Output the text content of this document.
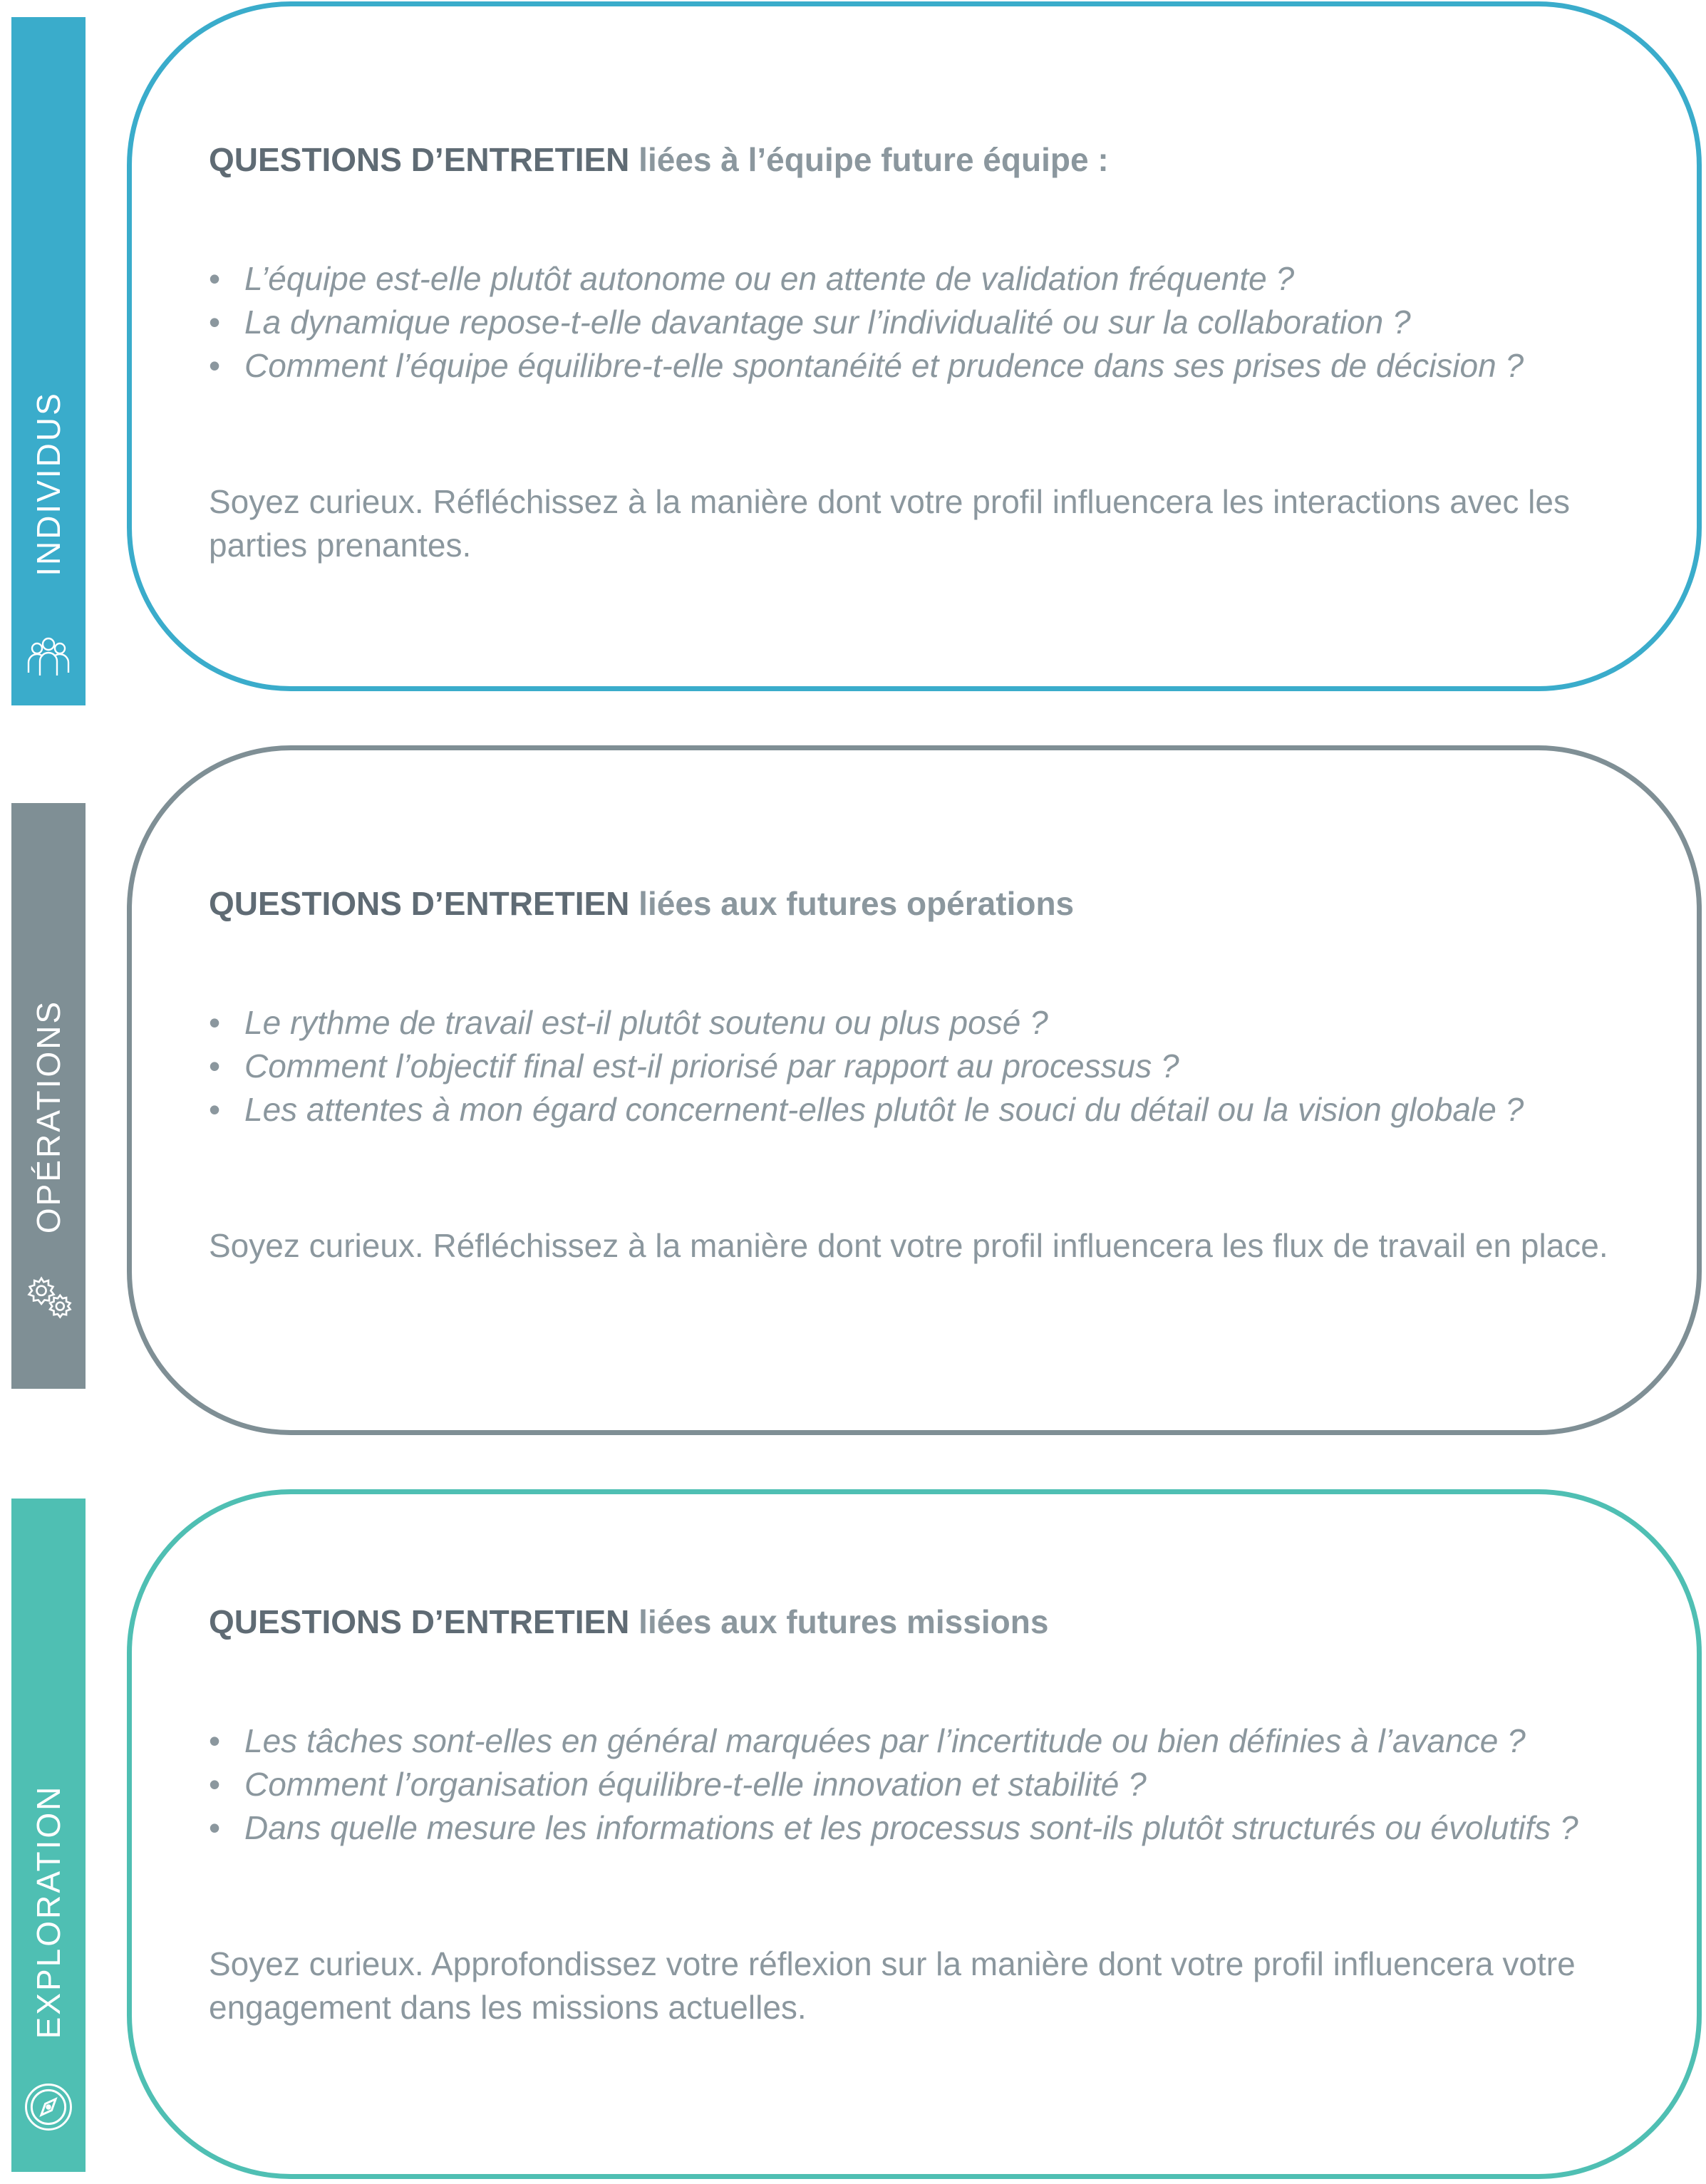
INDIVIDUS

QUESTIONS D’ENTRETIEN liées à l’équipe future équipe :

• L’équipe est-elle plutôt autonome ou en attente de validation fréquente ?
• La dynamique repose-t-elle davantage sur l’individualité ou sur la collaboration ?
• Comment l’équipe équilibre-t-elle spontanéité et prudence dans ses prises de décision ?

Soyez curieux. Réfléchissez à la manière dont votre profil influencera les interactions avec les parties prenantes.

OPÉRATIONS

QUESTIONS D’ENTRETIEN liées aux futures opérations

• Le rythme de travail est-il plutôt soutenu ou plus posé ?
• Comment l’objectif final est-il priorisé par rapport au processus ?
• Les attentes à mon égard concernent-elles plutôt le souci du détail ou la vision globale ?

Soyez curieux. Réfléchissez à la manière dont votre profil influencera les flux de travail en place.

EXPLORATION

QUESTIONS D’ENTRETIEN liées aux futures missions

• Les tâches sont-elles en général marquées par l’incertitude ou bien définies à l’avance ?
• Comment l’organisation équilibre-t-elle innovation et stabilité ?
• Dans quelle mesure les informations et les processus sont-ils plutôt structurés ou évolutifs ?

Soyez curieux. Approfondissez votre réflexion sur la manière dont votre profil influencera votre engagement dans les missions actuelles.
